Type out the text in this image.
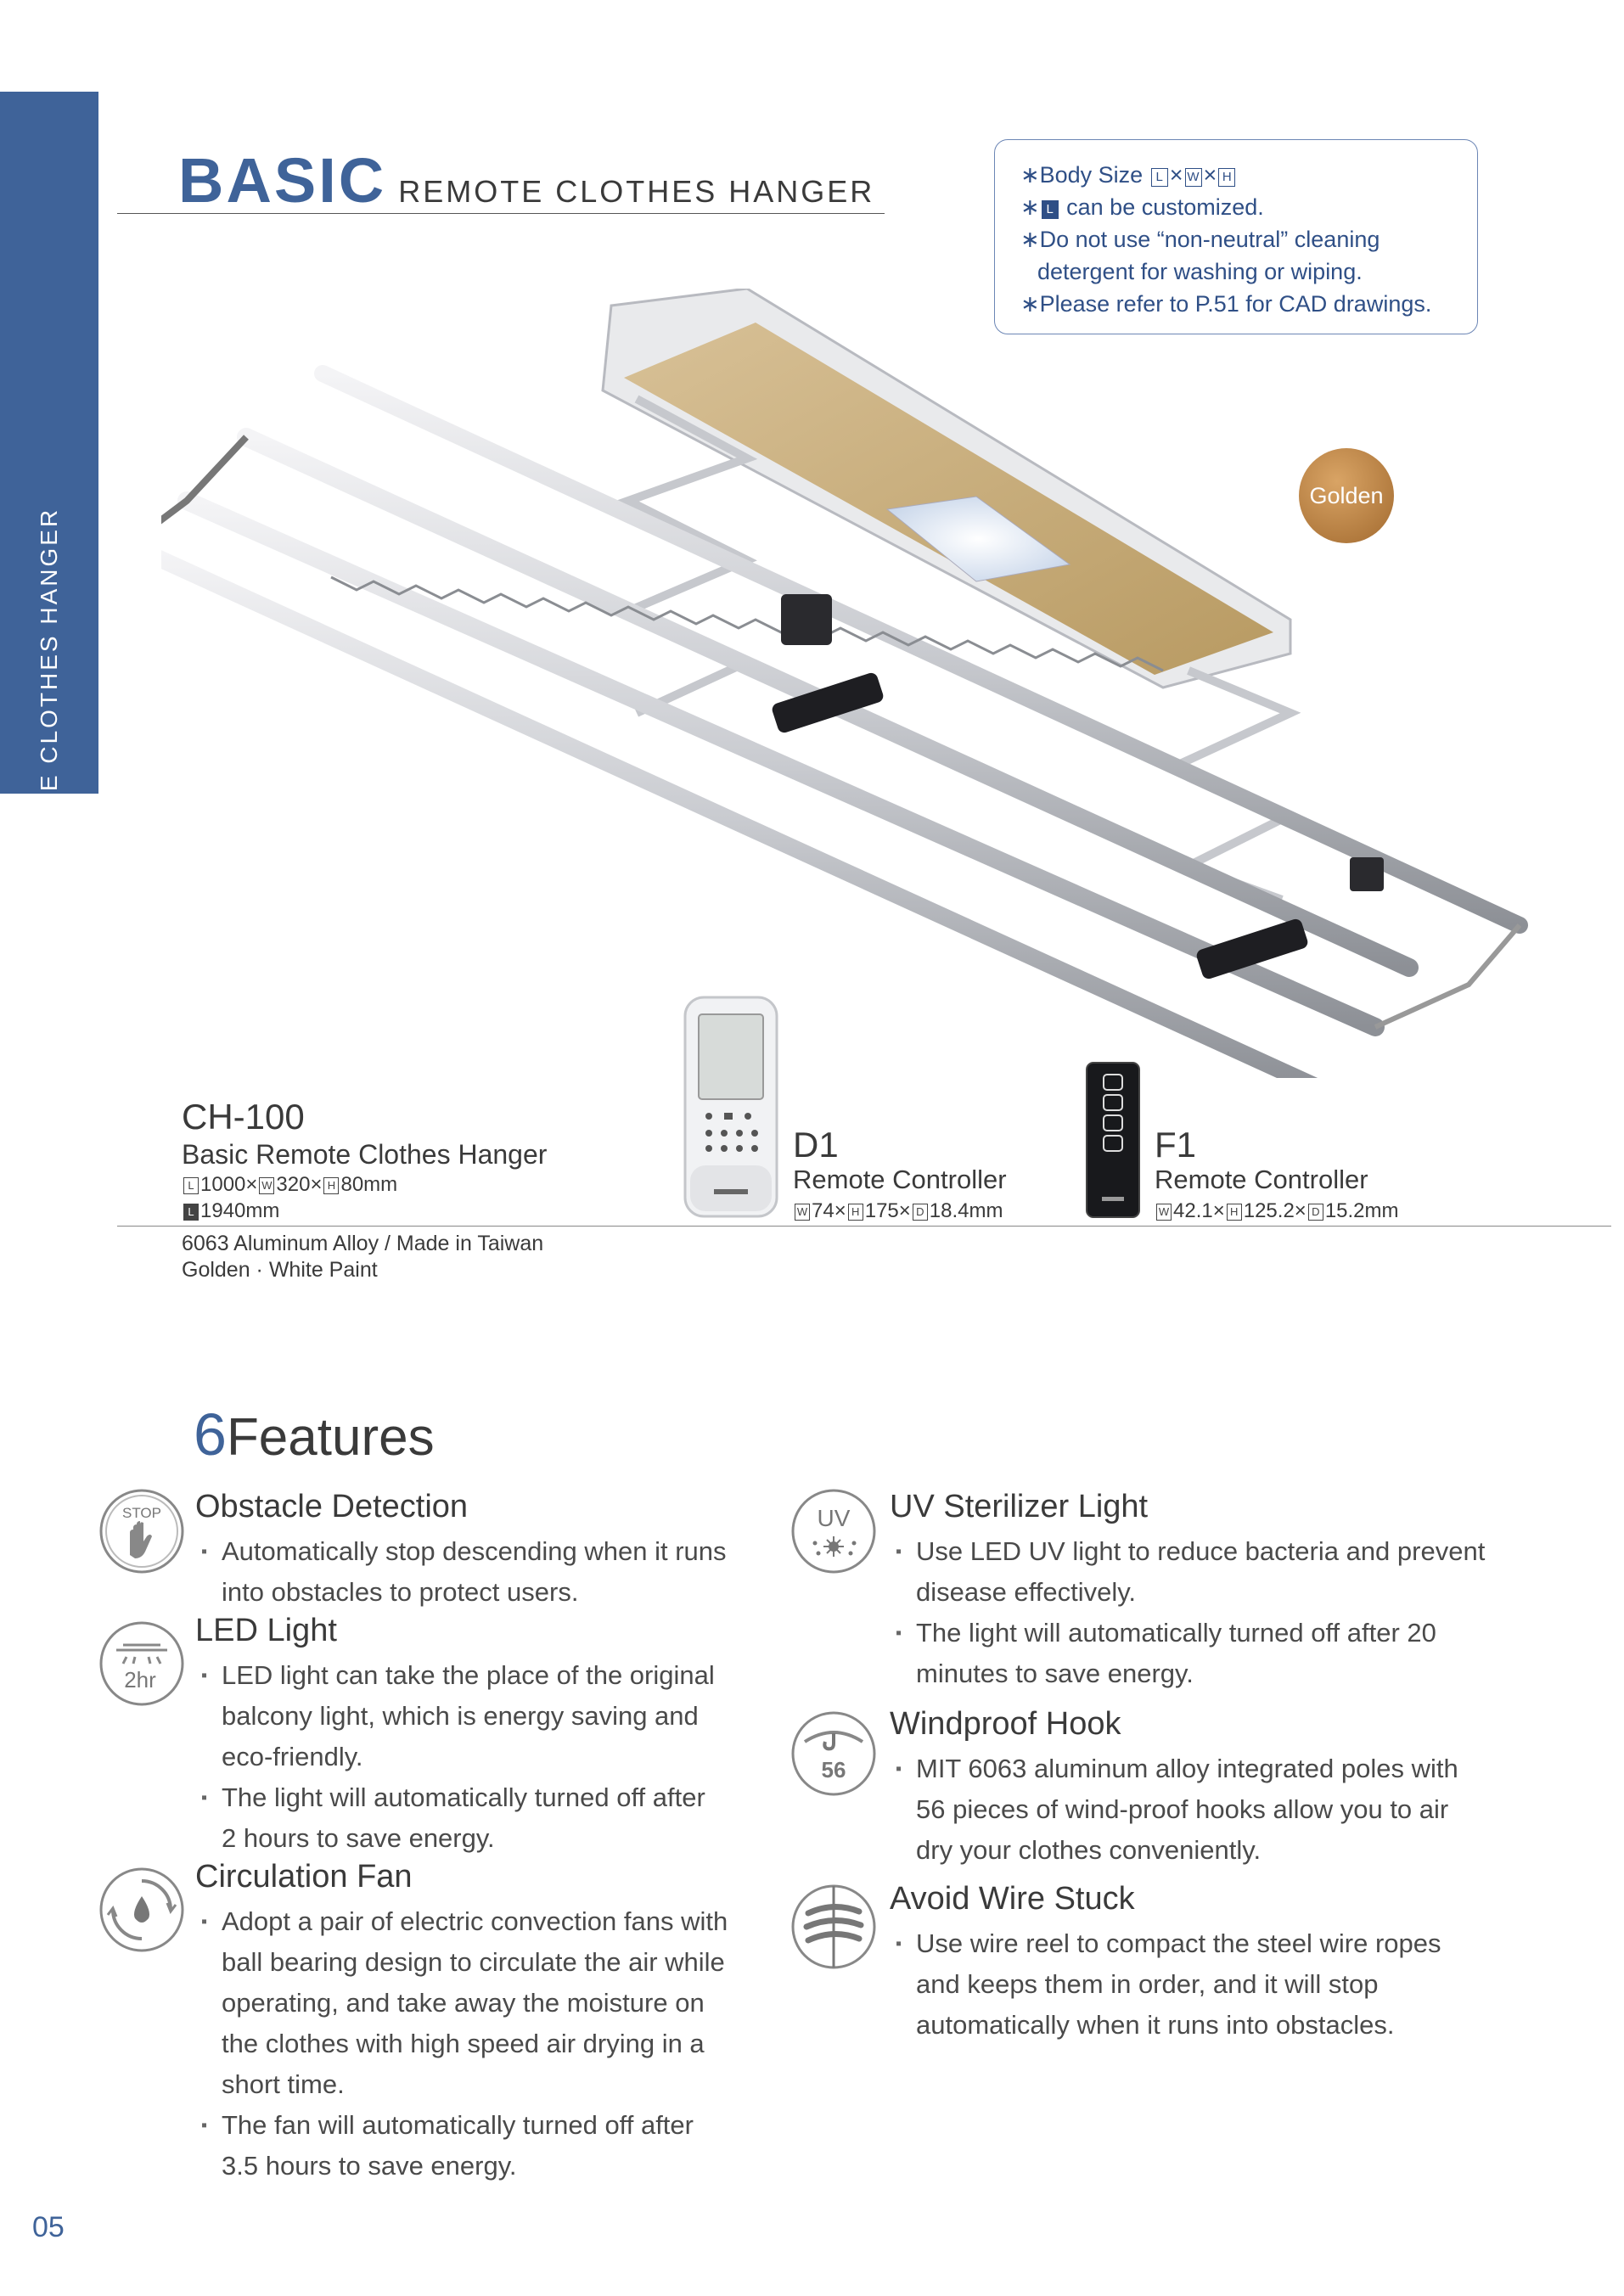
REMOTE CLOTHES HANGER
BASIC REMOTE CLOTHES HANGER	∗Body Size L × W × H
∗ L can be customized.
∗Do not use “non-neutral” cleaning
detergent for washing or wiping.
∗Please refer to P.51 for CAD drawings.
Golden
CH-100
Basic Remote Clothes Hanger
L 1000× W 320× H 80mm
L 1940mm
D1
Remote Controller
W 74× H 175× D 18.4mm
F1
Remote Controller
W 42.1× H 125.2× D 15.2mm
6063 Aluminum Alloy / Made in Taiwan
Golden · White Paint
6Features
STOP Obstacle Detection
▪ Automatically stop descending when it runs
into obstacles to protect users.
2hr
LED Light
▪ LED light can take the place of the original
balcony light, which is energy saving and
eco-friendly.
▪ The light will automatically turned off after
2 hours to save energy.
Circulation Fan
▪ Adopt a pair of electric convection fans with
ball bearing design to circulate the air while
operating, and take away the moisture on
the clothes with high speed air drying in a
short time.
▪ The fan will automatically turned off after
3.5 hours to save energy.
UV UV Sterilizer Light
▪ Use LED UV light to reduce bacteria and prevent
disease effectively.
▪ The light will automatically turned off after 20
minutes to save energy.
56
Windproof Hook
▪ MIT 6063 aluminum alloy integrated poles with
56 pieces of wind-proof hooks allow you to air
dry your clothes conveniently.
Avoid Wire Stuck
▪ Use wire reel to compact the steel wire ropes
and keeps them in order, and it will stop
automatically when it runs into obstacles.
05
